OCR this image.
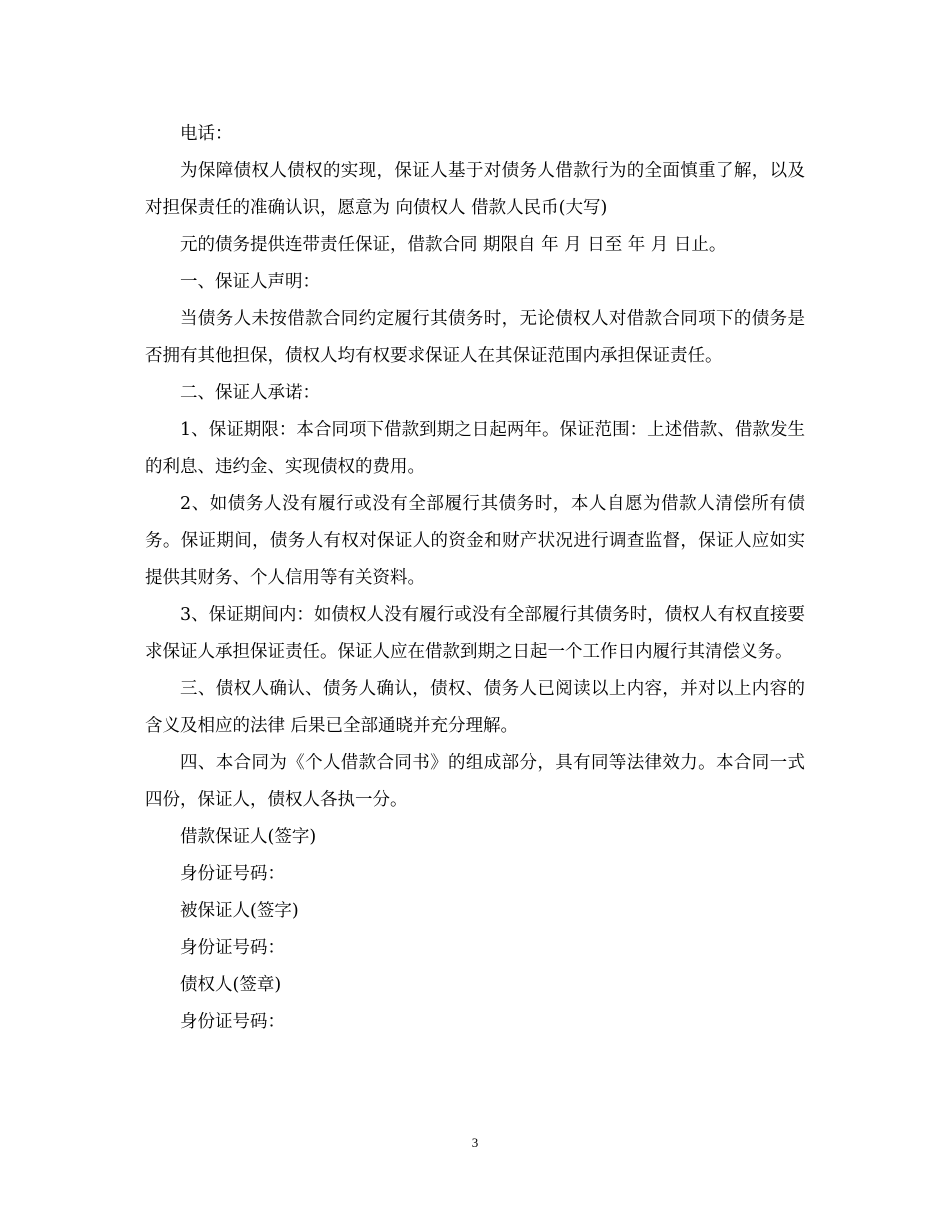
电话：

为保障债权人债权的实现，保证人基于对债务人借款行为的全面慎重了解，以及对担保责任的准确认识，愿意为 向债权人 借款人民币(大写)

元的债务提供连带责任保证，借款合同 期限自 年 月 日至 年 月 日止。

一、保证人声明：

当债务人未按借款合同约定履行其债务时，无论债权人对借款合同项下的债务是否拥有其他担保，债权人均有权要求保证人在其保证范围内承担保证责任。

二、保证人承诺：

1、保证期限：本合同项下借款到期之日起两年。保证范围：上述借款、借款发生的利息、违约金、实现债权的费用。

2、如债务人没有履行或没有全部履行其债务时，本人自愿为借款人清偿所有债务。保证期间，债务人有权对保证人的资金和财产状况进行调查监督，保证人应如实提供其财务、个人信用等有关资料。

3、保证期间内：如债权人没有履行或没有全部履行其债务时，债权人有权直接要求保证人承担保证责任。保证人应在借款到期之日起一个工作日内履行其清偿义务。

三、债权人确认、债务人确认，债权、债务人已阅读以上内容，并对以上内容的含义及相应的法律 后果已全部通晓并充分理解。

四、本合同为《个人借款合同书》的组成部分，具有同等法律效力。本合同一式四份，保证人，债权人各执一分。

借款保证人(签字)

身份证号码：

被保证人(签字)

身份证号码：

债权人(签章)

身份证号码：

3
